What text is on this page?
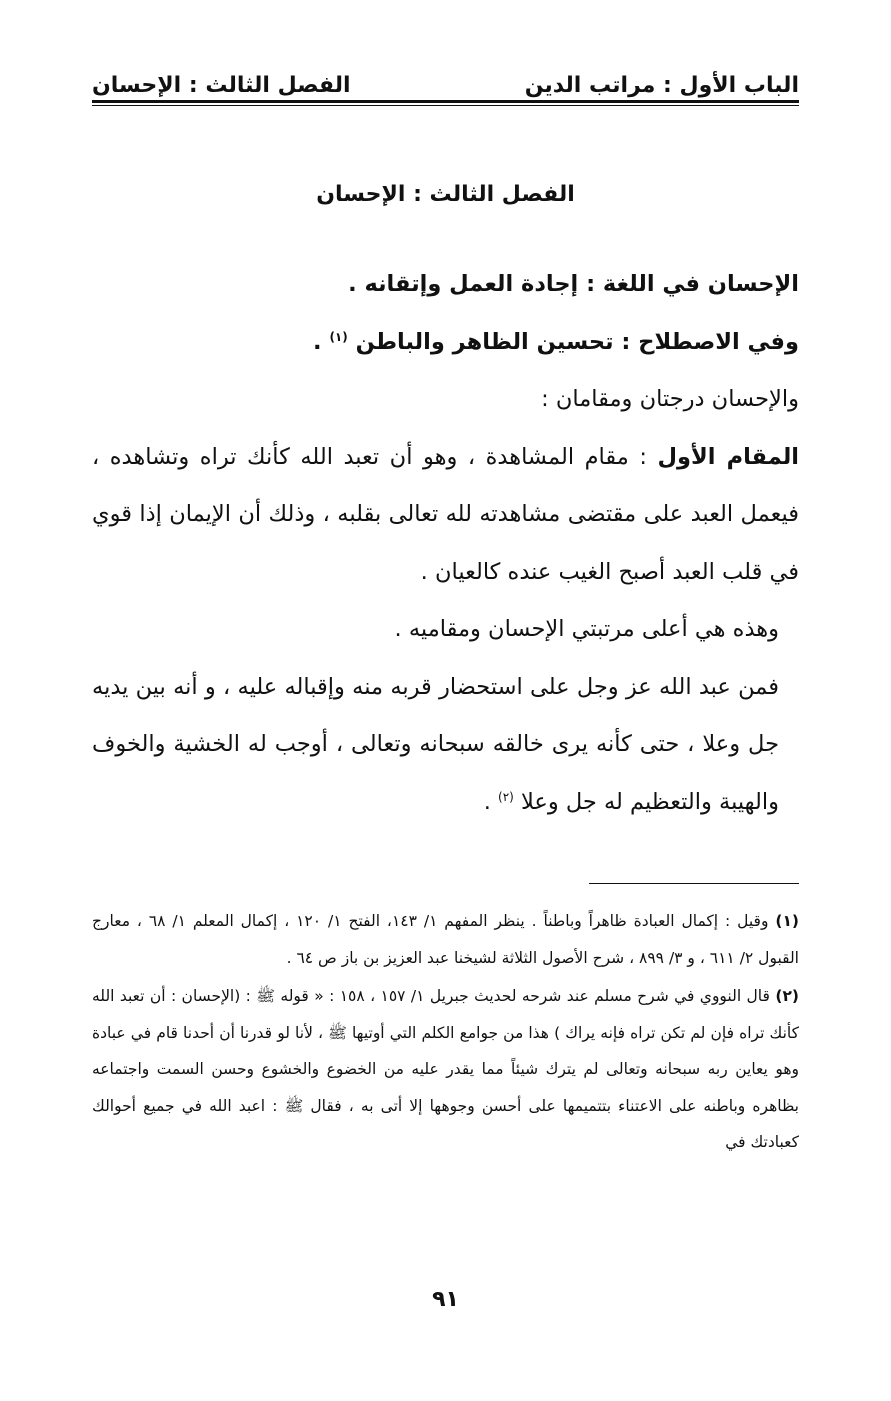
الباب الأول : مراتب الدين
الفصل الثالث : الإحسان
الفصل الثالث : الإحسان

الإحسان في اللغة : إجادة العمل وإتقانه .

وفي الاصطلاح : تحسين الظاهر والباطن $^{(١)}$ .

والإحسان درجتان ومقامان :

المقام الأول : مقام المشاهدة ، وهو أن تعبد الله كأنك تراه وتشاهده ، فيعمل العبد على مقتضى مشاهدته لله تعالى بقلبه ، وذلك أن الإيمان إذا قوي في قلب العبد أصبح الغيب عنده كالعيان .

وهذه هي أعلى مرتبتي الإحسان ومقاميه .

فمن عبد الله عز وجل على استحضار قربه منه وإقباله عليه ، و أنه بين يديه جل وعلا ، حتى كأنه يرى خالقه سبحانه وتعالى ، أوجب له الخشية والخوف والهيبة والتعظيم له جل وعلا $^{(٢)}$ .

(١) وقيل : إكمال العبادة ظاهراً وباطناً . ينظر المفهم ١/ ١٤٣، الفتح ١/ ١٢٠ ، إكمال المعلم ١/ ٦٨ ، معارج القبول ٢/ ٦١١ ، و ٣/ ٨٩٩ ، شرح الأصول الثلاثة لشيخنا عبد العزيز بن باز ص ٦٤ .

(٢) قال النووي في شرح مسلم عند شرحه لحديث جبريل ١/ ١٥٧ ، ١٥٨ : « قوله ﷺ : (الإحسان : أن تعبد الله كأنك تراه فإن لم تكن تراه فإنه يراك ) هذا من جوامع الكلم التي أوتيها ﷺ ، لأنا لو قدرنا أن أحدنا قام في عبادة وهو يعاين ربه سبحانه وتعالى لم يترك شيئاً مما يقدر عليه من الخضوع والخشوع وحسن السمت واجتماعه بظاهره وباطنه على الاعتناء بتتميمها على أحسن وجوهها إلا أتى به ، فقال ﷺ : اعبد الله في جميع أحوالك كعبادتك في

٩١
